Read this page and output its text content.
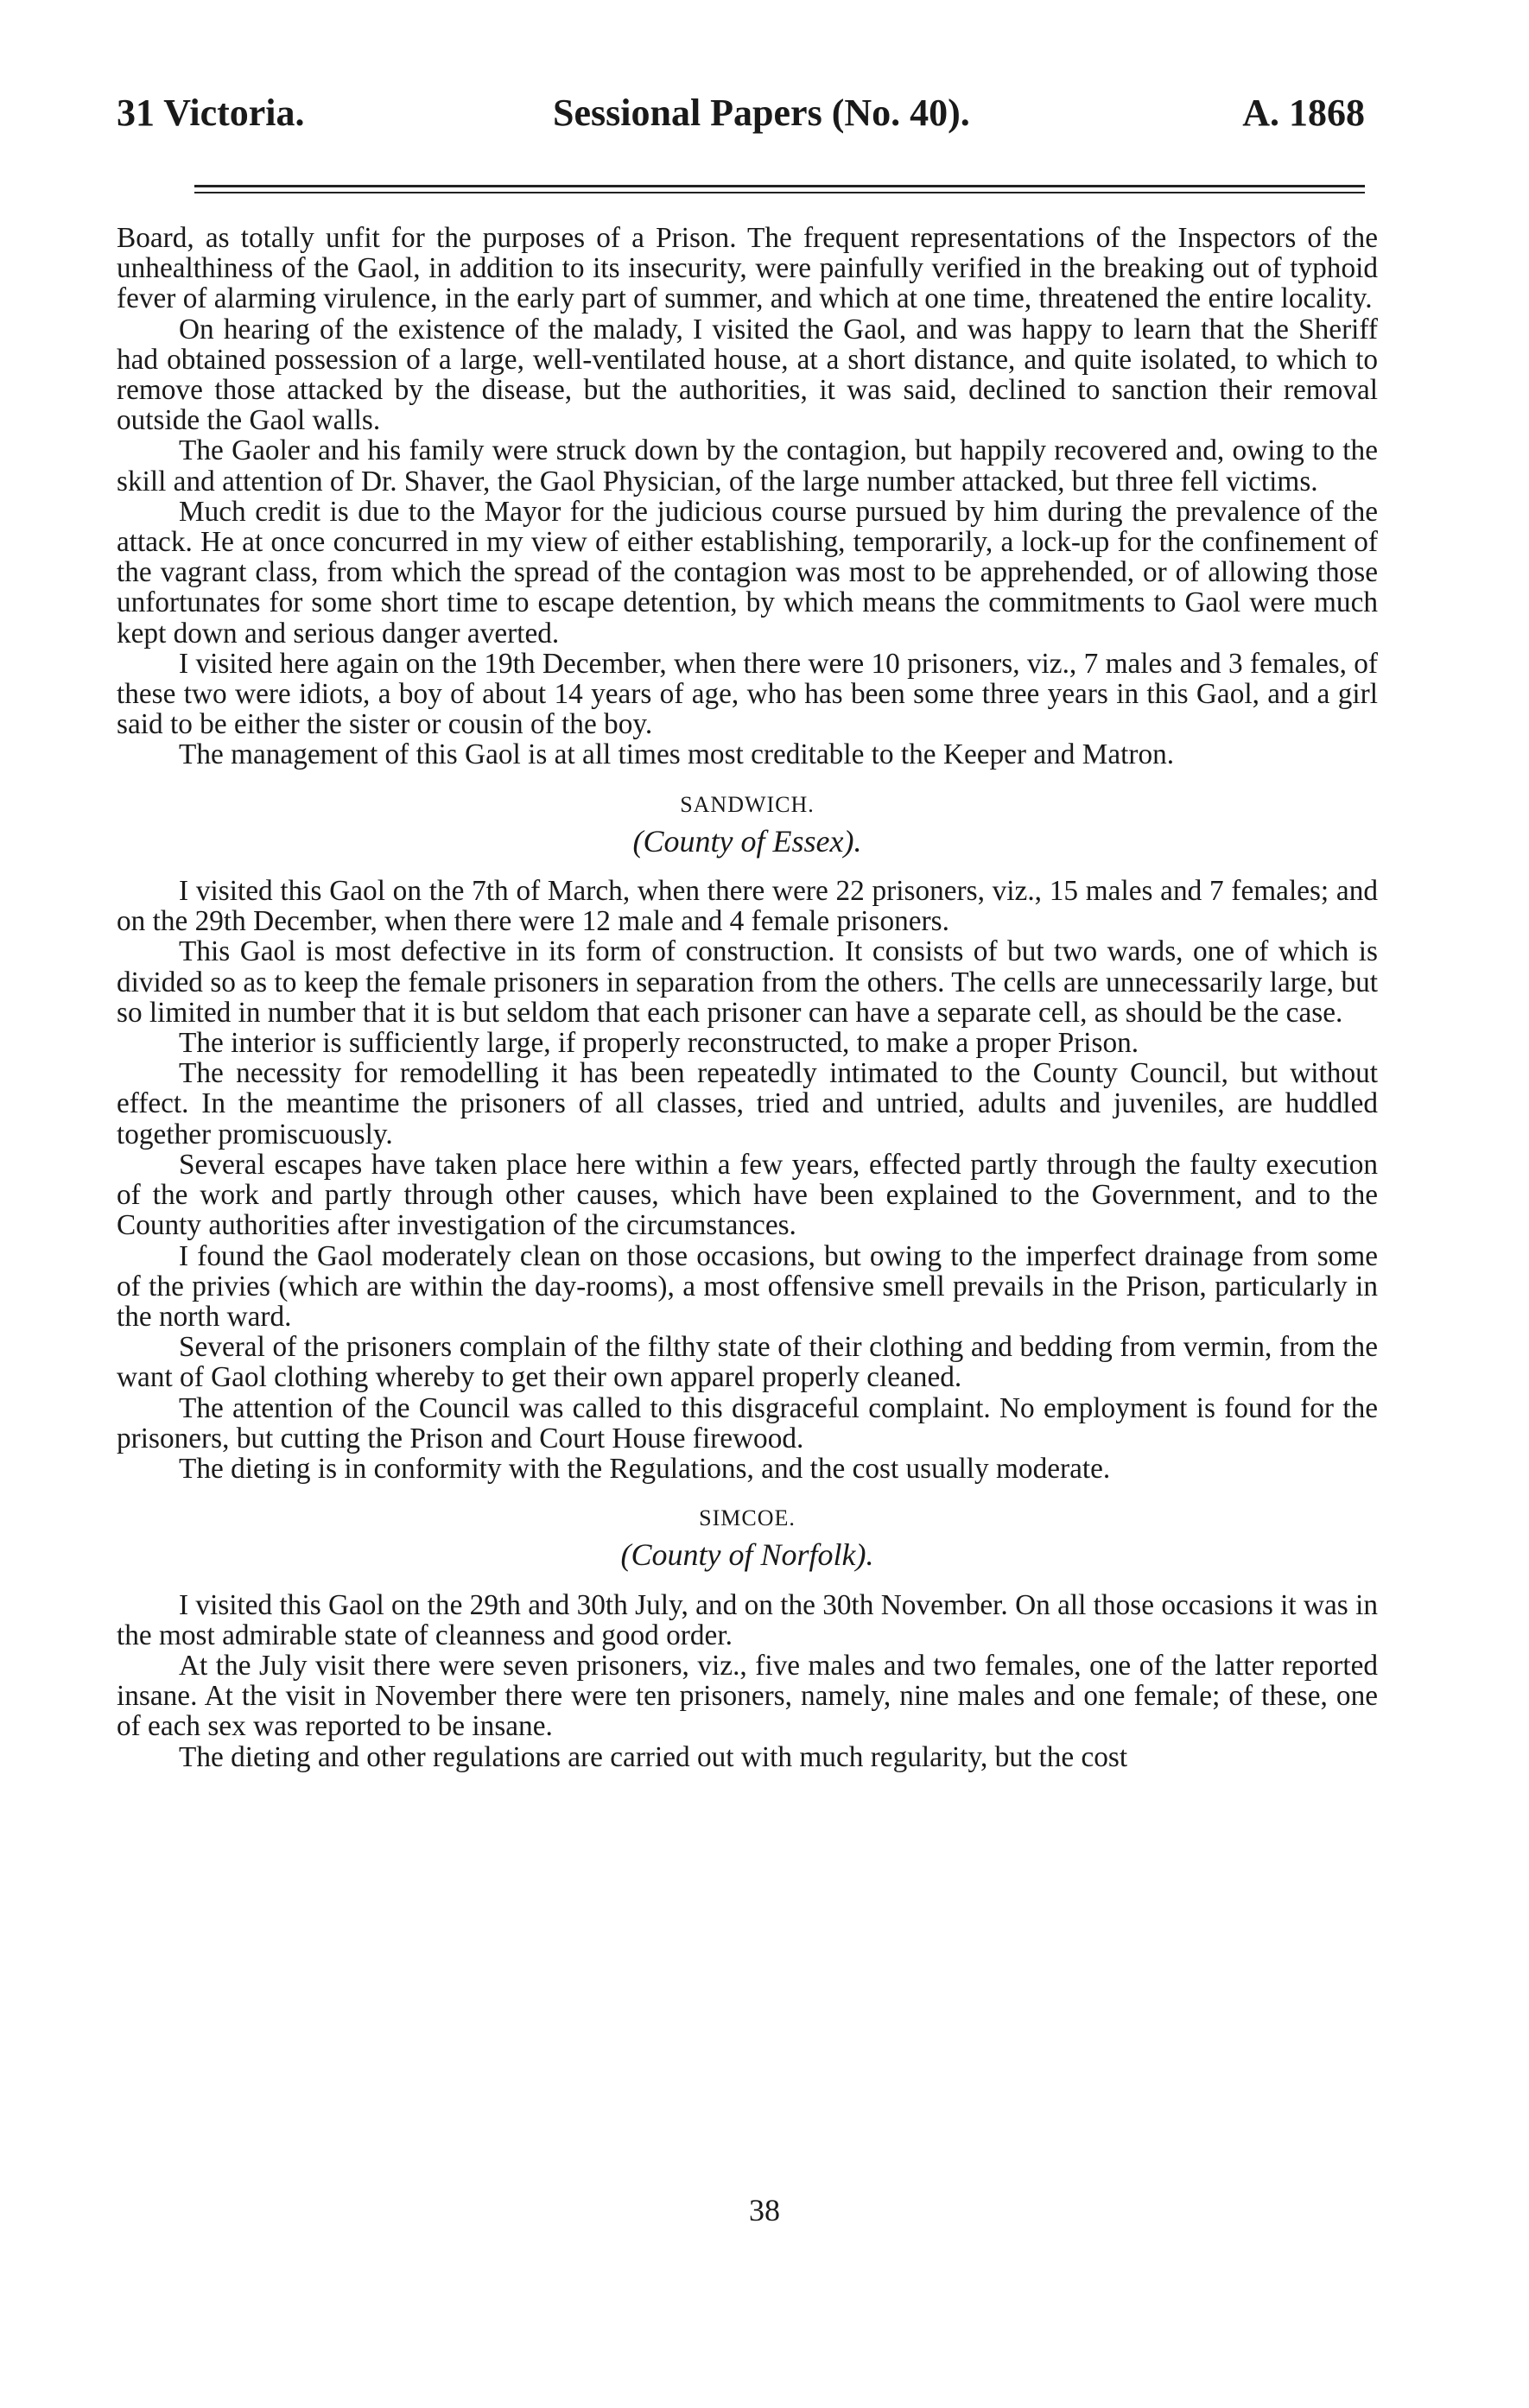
31 Victoria.	Sessional Papers (No. 40).	A. 1868

Board, as totally unfit for the purposes of a Prison. The frequent representations of the Inspectors of the unhealthiness of the Gaol, in addition to its insecurity, were painfully verified in the breaking out of typhoid fever of alarming virulence, in the early part of summer, and which at one time, threatened the entire locality.

On hearing of the existence of the malady, I visited the Gaol, and was happy to learn that the Sheriff had obtained possession of a large, well-ventilated house, at a short distance, and quite isolated, to which to remove those attacked by the disease, but the authorities, it was said, declined to sanction their removal outside the Gaol walls.

The Gaoler and his family were struck down by the contagion, but happily recovered and, owing to the skill and attention of Dr. Shaver, the Gaol Physician, of the large number attacked, but three fell victims.

Much credit is due to the Mayor for the judicious course pursued by him during the prevalence of the attack. He at once concurred in my view of either establishing, temporarily, a lock-up for the confinement of the vagrant class, from which the spread of the contagion was most to be apprehended, or of allowing those unfortunates for some short time to escape detention, by which means the commitments to Gaol were much kept down and serious danger averted.

I visited here again on the 19th December, when there were 10 prisoners, viz., 7 males and 3 females, of these two were idiots, a boy of about 14 years of age, who has been some three years in this Gaol, and a girl said to be either the sister or cousin of the boy.

The management of this Gaol is at all times most creditable to the Keeper and Matron.

SANDWICH.
(County of Essex).

I visited this Gaol on the 7th of March, when there were 22 prisoners, viz., 15 males and 7 females; and on the 29th December, when there were 12 male and 4 female prisoners.

This Gaol is most defective in its form of construction. It consists of but two wards, one of which is divided so as to keep the female prisoners in separation from the others. The cells are unnecessarily large, but so limited in number that it is but seldom that each prisoner can have a separate cell, as should be the case.

The interior is sufficiently large, if properly reconstructed, to make a proper Prison.

The necessity for remodelling it has been repeatedly intimated to the County Council, but without effect. In the meantime the prisoners of all classes, tried and untried, adults and juveniles, are huddled together promiscuously.

Several escapes have taken place here within a few years, effected partly through the faulty execution of the work and partly through other causes, which have been explained to the Government, and to the County authorities after investigation of the circumstances.

I found the Gaol moderately clean on those occasions, but owing to the imperfect drainage from some of the privies (which are within the day-rooms), a most offensive smell prevails in the Prison, particularly in the north ward.

Several of the prisoners complain of the filthy state of their clothing and bedding from vermin, from the want of Gaol clothing whereby to get their own apparel properly cleaned.

The attention of the Council was called to this disgraceful complaint. No employment is found for the prisoners, but cutting the Prison and Court House firewood.

The dieting is in conformity with the Regulations, and the cost usually moderate.

SIMCOE.
(County of Norfolk).

I visited this Gaol on the 29th and 30th July, and on the 30th November. On all those occasions it was in the most admirable state of cleanness and good order.

At the July visit there were seven prisoners, viz., five males and two females, one of the latter reported insane. At the visit in November there were ten prisoners, namely, nine males and one female; of these, one of each sex was reported to be insane.

The dieting and other regulations are carried out with much regularity, but the cost

38
